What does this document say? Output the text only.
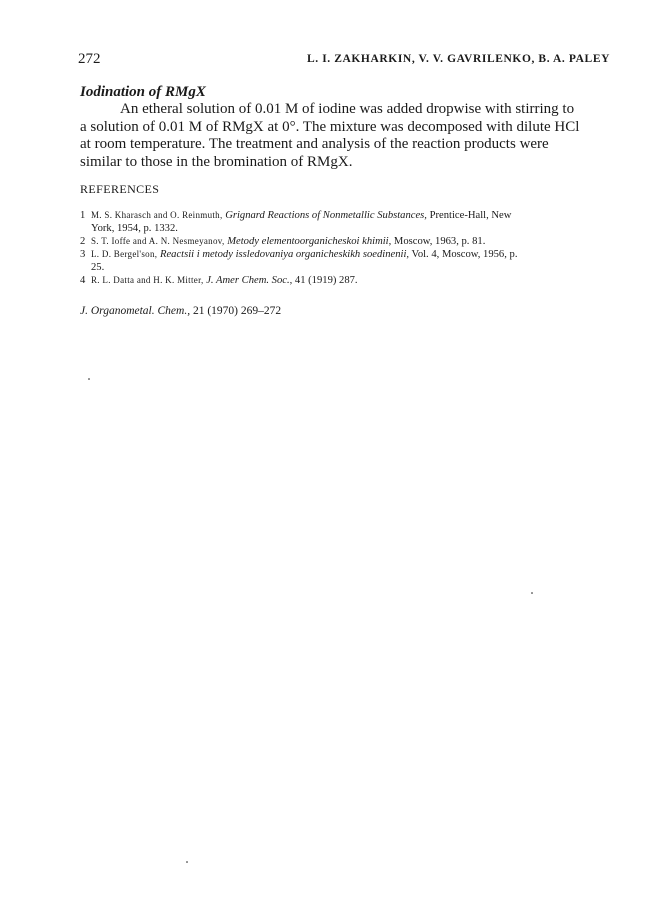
272	L. I. ZAKHARKIN, V. V. GAVRILENKO, B. A. PALEY
Iodination of RMgX
An etheral solution of 0.01 M of iodine was added dropwise with stirring to
a solution of 0.01 M of RMgX at 0°. The mixture was decomposed with dilute HCl
at room temperature. The treatment and analysis of the reaction products were
similar to those in the bromination of RMgX.
REFERENCES
1 M. S. Kharasch and O. Reinmuth, Grignard Reactions of Nonmetallic Substances, Prentice-Hall, New
York, 1954, p. 1332.
2 S. T. Ioffe and A. N. Nesmeyanov, Metody elementoorganicheskoi khimii, Moscow, 1963, p. 81.
3 L. D. Bergel'son, Reactsii i metody issledovaniya organicheskikh soedinenii, Vol. 4, Moscow, 1956, p.
25.
4 R. L. Datta and H. K. Mitter, J. Amer Chem. Soc., 41 (1919) 287.
J. Organometal. Chem., 21 (1970) 269–272
